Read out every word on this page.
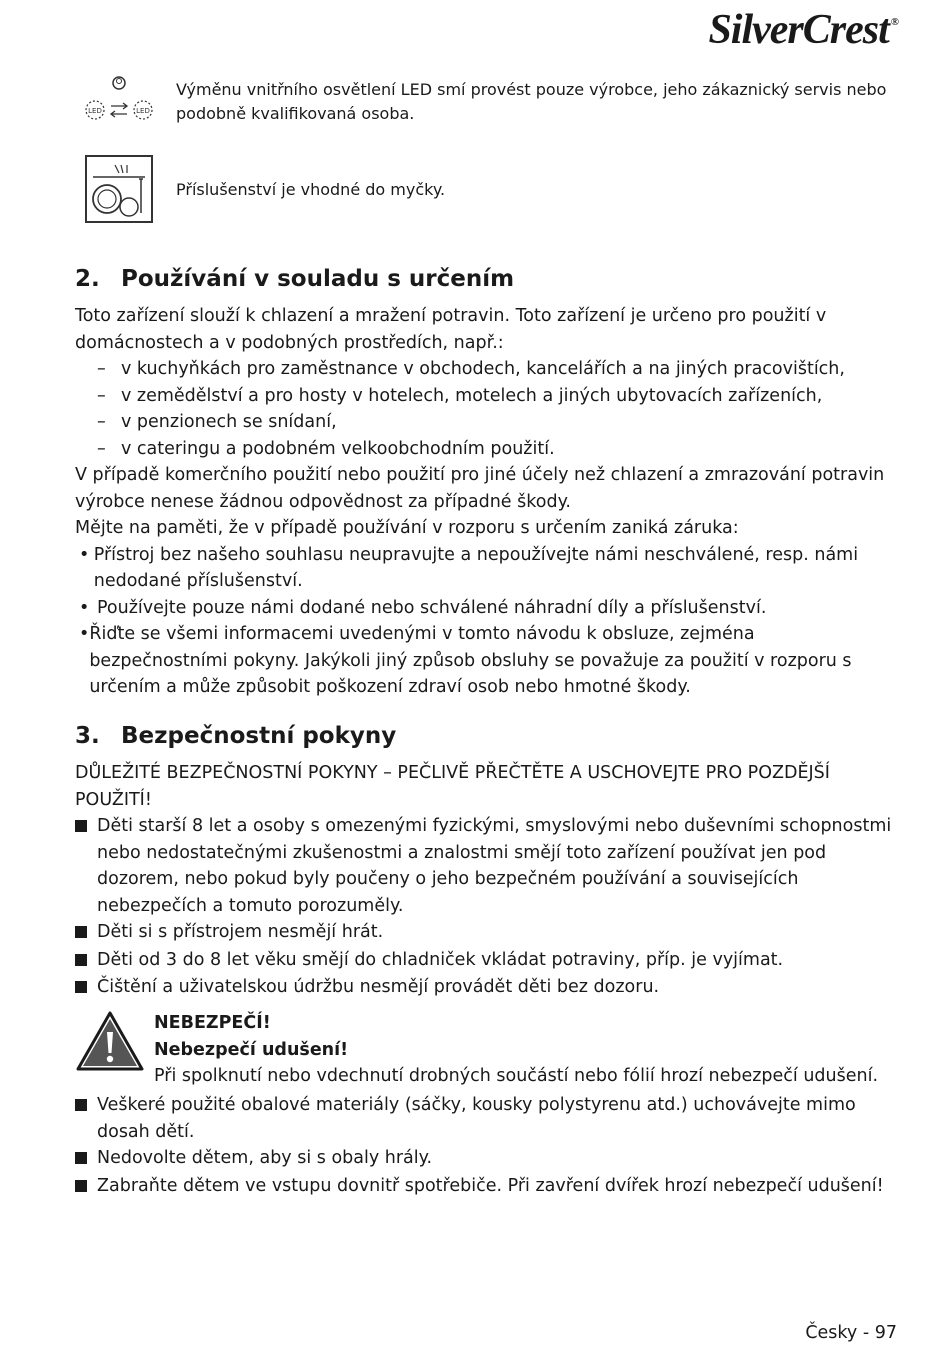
SilverCrest ®
LED	LED
Výměnu vnitřního osvětlení LED smí provést pouze výrobce, jeho zákaznický servis nebo podobně kvalifikovaná osoba.
Příslušenství je vhodné do myčky.
2. Používání v souladu s určením

Toto zařízení slouží k chlazení a mražení potravin. Toto zařízení je určeno pro použití v domácnostech a v podobných prostředích, např.:

– v kuchyňkách pro zaměstnance v obchodech, kancelářích a na jiných pracovištích,
– v zemědělství a pro hosty v hotelech, motelech a jiných ubytovacích zařízeních,
– v penzionech se snídaní,
– v cateringu a podobném velkoobchodním použití.

V případě komerčního použití nebo použití pro jiné účely než chlazení a zmrazování potravin výrobce nenese žádnou odpovědnost za případné škody.

Mějte na paměti, že v případě používání v rozporu s určením zaniká záruka:

• Přístroj bez našeho souhlasu neupravujte a nepoužívejte námi neschválené, resp. námi nedodané příslušenství.
• Používejte pouze námi dodané nebo schválené náhradní díly a příslušenství.
• Řiďte se všemi informacemi uvedenými v tomto návodu k obsluze, zejména bezpečnostními pokyny. Jakýkoli jiný způsob obsluhy se považuje za použití v rozporu s určením a může způsobit poškození zdraví osob nebo hmotné škody.
3. Bezpečnostní pokyny

DŮLEŽITÉ BEZPEČNOSTNÍ POKYNY – PEČLIVĚ PŘEČTĚTE A USCHOVEJTE PRO POZDĚJŠÍ POUŽITÍ!

Děti starší 8 let a osoby s omezenými fyzickými, smyslovými nebo duševními schopnostmi nebo nedostatečnými zkušenostmi a znalostmi smějí toto zařízení používat jen pod dozorem, nebo pokud byly poučeny o jeho bezpečném používání a souvisejících nebezpečích a tomuto porozuměly.
Děti si s přístrojem nesmějí hrát.
Děti od 3 do 8 let věku smějí do chladniček vkládat potraviny, příp. je vyjímat.
Čištění a uživatelskou údržbu nesmějí provádět děti bez dozoru.
NEBEZPEČÍ!
Nebezpečí udušení!
Při spolknutí nebo vdechnutí drobných součástí nebo fólií hrozí nebezpečí udušení.
Veškeré použité obalové materiály (sáčky, kousky polystyrenu atd.) uchovávejte mimo dosah dětí.
Nedovolte dětem, aby si s obaly hrály.
Zabraňte dětem ve vstupu dovnitř spotřebiče. Při zavření dvířek hrozí nebezpečí udušení!
Česky - 97
